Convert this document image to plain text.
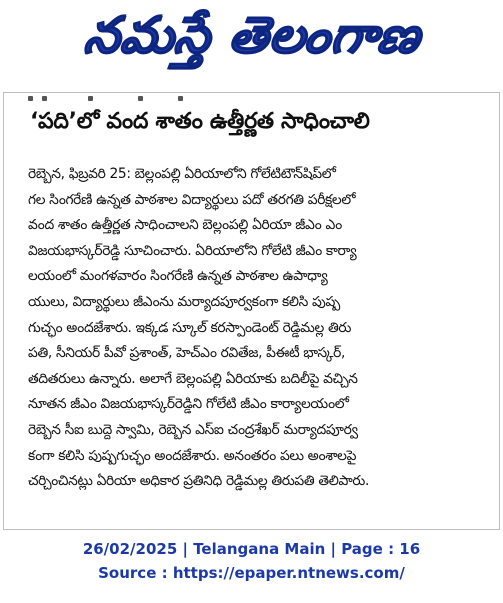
నమస్తే తెలంగాణ
‘పది’లో వంద శాతం ఉత్తీర్ణత సాధించాలి
రెబ్బెన, ఫిబ్రవరి 25: బెల్లంపల్లి ఏరియాలోని గోలేటిటౌన్‌షిప్‌లో
గల సింగరేణి ఉన్నత పాఠశాల విద్యార్థులు పదో తరగతి పరీక్షలలో
వంద శాతం ఉత్తీర్ణత సాధించాలని బెల్లంపల్లి ఏరియా జీఎం ఎం
విజయభాస్కర్‌రెడ్డి సూచించారు. ఏరియాలోని గోలేటి జీఎం కార్యా
లయంలో మంగళవారం సింగరేణి ఉన్నత పాఠశాల ఉపాధ్యా
యులు, విద్యార్థులు జీఎంను మర్యాదపూర్వకంగా కలిసి పుష్ప
గుచ్ఛం అందజేశారు. ఇక్కడ స్కూల్ కరస్పాండెంట్ రెడ్డిమల్ల తిరు
పతి, సీనియర్ పీవో ప్రశాంత్, హెచ్‌ఎం రవితేజ, పీఈటీ భాస్కర్,
తదితరులు ఉన్నారు. అలాగే బెల్లంపల్లి ఏరియాకు బదిలీపై వచ్చిన
నూతన జీఎం విజయభాస్కర్‌రెడ్డిని గోలేటి జీఎం కార్యాలయంలో
రెబ్బెన సీఐ బుద్దె స్వామి, రెబ్బెన ఎస్ఐ చంద్రశేఖర్ మర్యాదపూర్వ
కంగా కలిసి పుష్పగుచ్ఛం అందజేశారు. అనంతరం పలు అంశాలపై
చర్చించినట్లు ఏరియా అధికార ప్రతినిధి రెడ్డిమల్ల తిరుపతి తెలిపారు.
26/02/2025 | Telangana Main | Page : 16
Source : https://epaper.ntnews.com/
